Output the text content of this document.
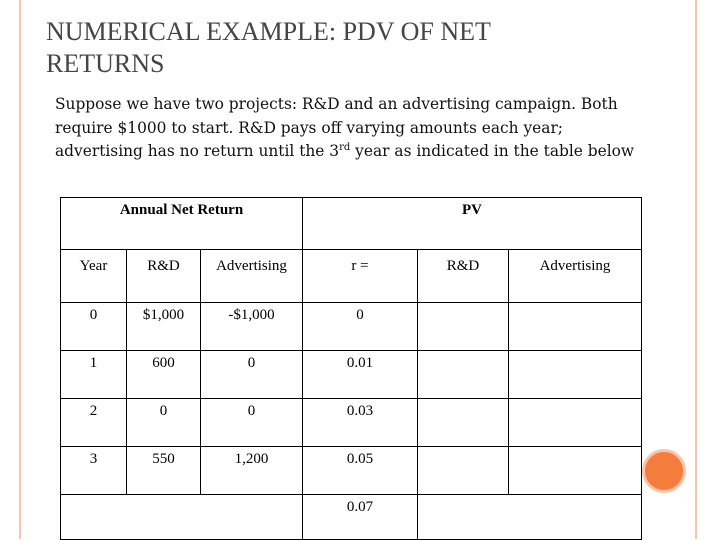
NUMERICAL EXAMPLE: PDV OF NET RETURNS

Suppose we have two projects: R&D and an advertising campaign. Both require $1000 to start. R&D pays off varying amounts each year; advertising has no return until the 3rd year as indicated in the table below

Annual Net Return			PV		
Year	R&D	Advertising	r =	R&D	Advertising
0	$1,000	-$1,000	0		
1	600	0	0.01		
2	0	0	0.03		
3	550	1,200	0.05		
			0.07		
